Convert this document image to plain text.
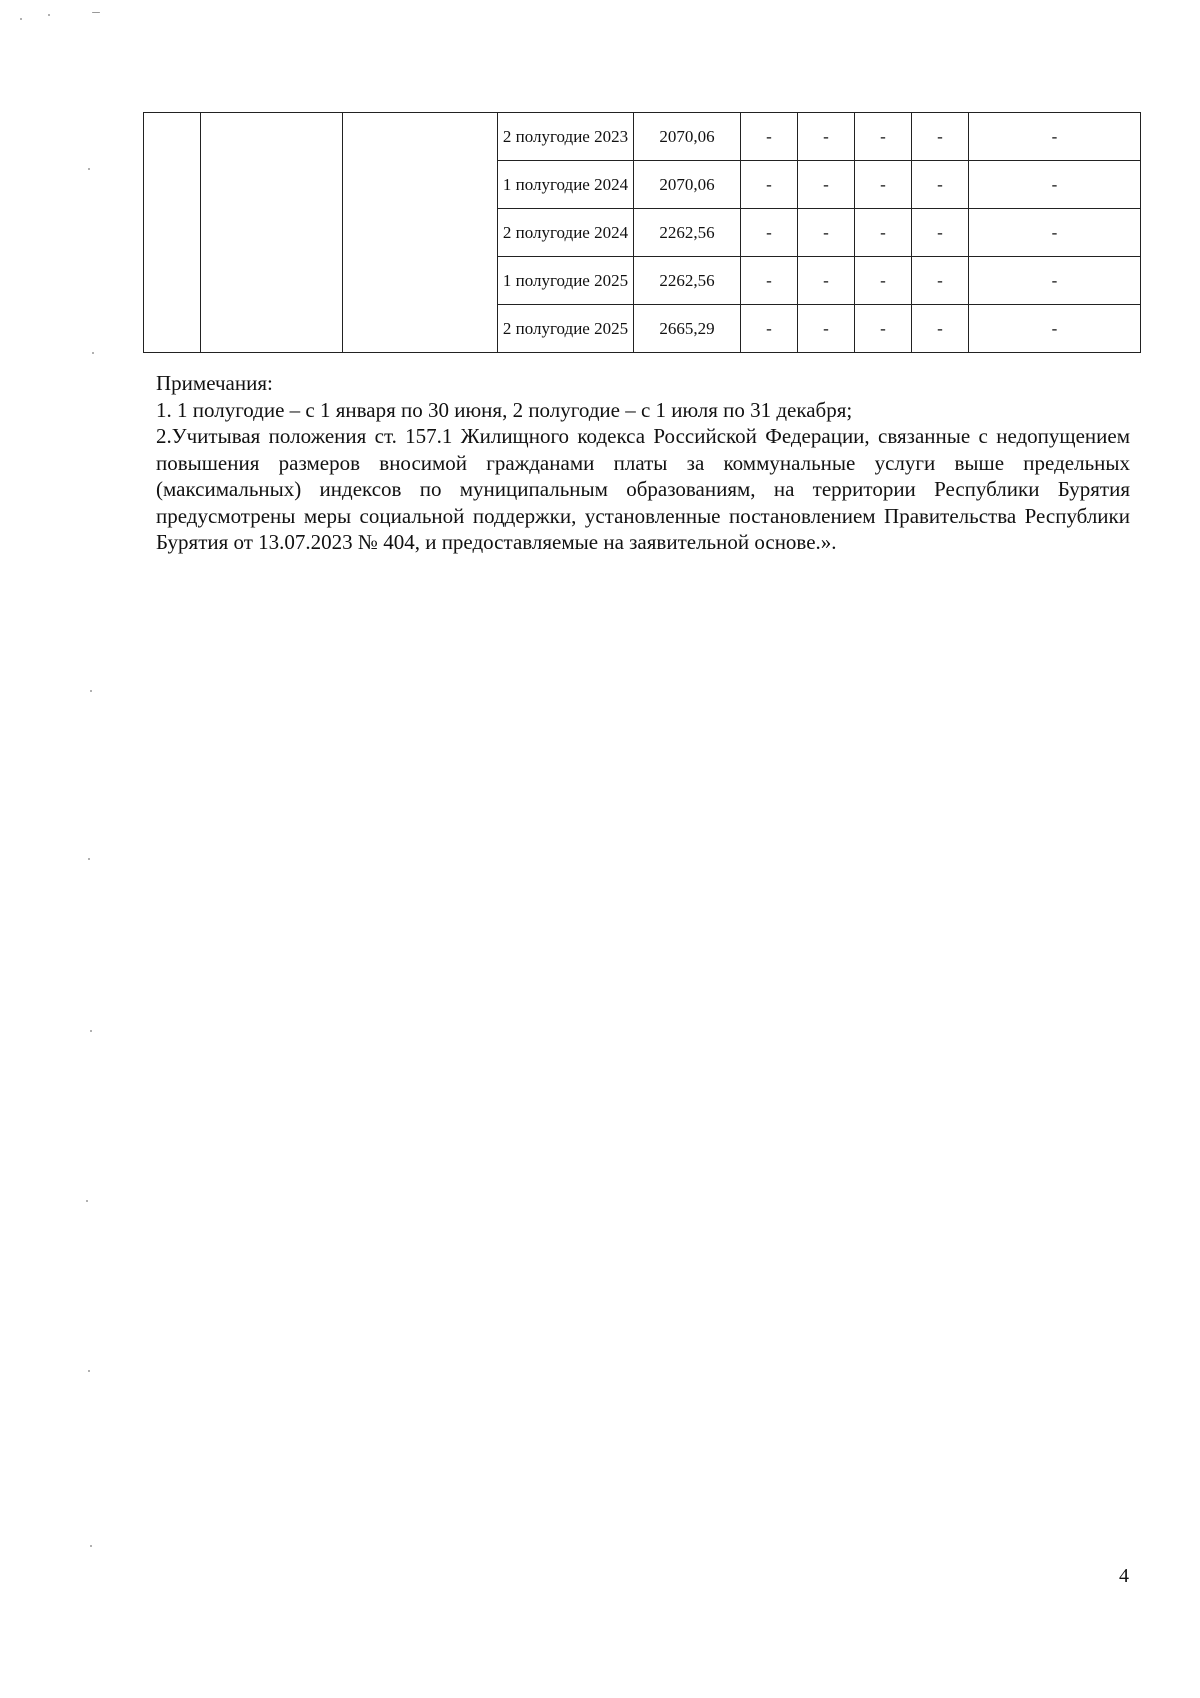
			2 полугодие 2023	2070,06	-	-	-	-	-
			1 полугодие 2024	2070,06	-	-	-	-	-
			2 полугодие 2024	2262,56	-	-	-	-	-
			1 полугодие 2025	2262,56	-	-	-	-	-
			2 полугодие 2025	2665,29	-	-	-	-	-

Примечания:

1. 1 полугодие – с 1 января по 30 июня, 2 полугодие – с 1 июля по 31 декабря;

2.Учитывая положения ст. 157.1 Жилищного кодекса Российской Федерации, связанные с недопущением повышения размеров вносимой гражданами платы за коммунальные услуги выше предельных (максимальных) индексов по муниципальным образованиям, на территории Республики Бурятия предусмотрены меры социальной поддержки, установленные постановлением Правительства Республики Бурятия от 13.07.2023 № 404, и предоставляемые на заявительной основе.».

4
